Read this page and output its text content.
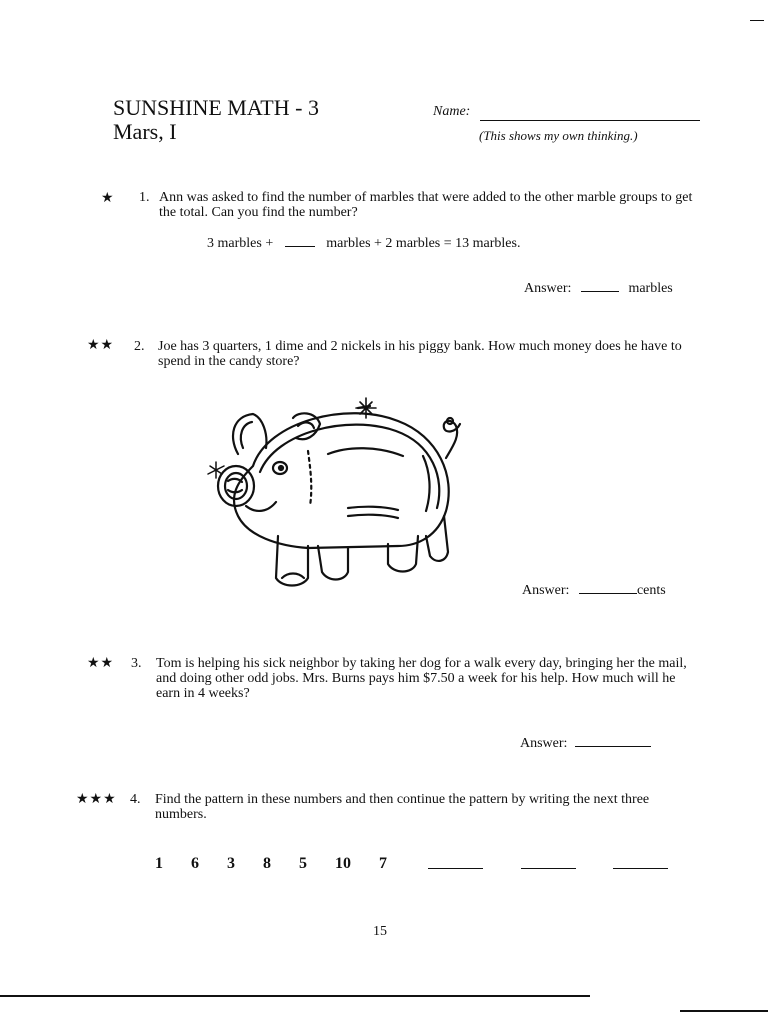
SUNSHINE MATH - 3
Mars, I
Name:
(This shows my own thinking.)
★ 1. Ann was asked to find the number of marbles that were added to the other marble groups to get the total. Can you find the number?
3 marbles +	marbles + 2 marbles = 13 marbles.
Answer:	marbles
★★ 2. Joe has 3 quarters, 1 dime and 2 nickels in his piggy bank. How much money does he have to spend in the candy store?
Answer:	cents
★★ 3. Tom is helping his sick neighbor by taking her dog for a walk every day, bringing her the mail, and doing other odd jobs. Mrs. Burns pays him $7.50 a week for his help. How much will he earn in 4 weeks?
Answer:
★★★ 4. Find the pattern in these numbers and then continue the pattern by writing the next three numbers.
1 6 3 8 5 10 7
15
